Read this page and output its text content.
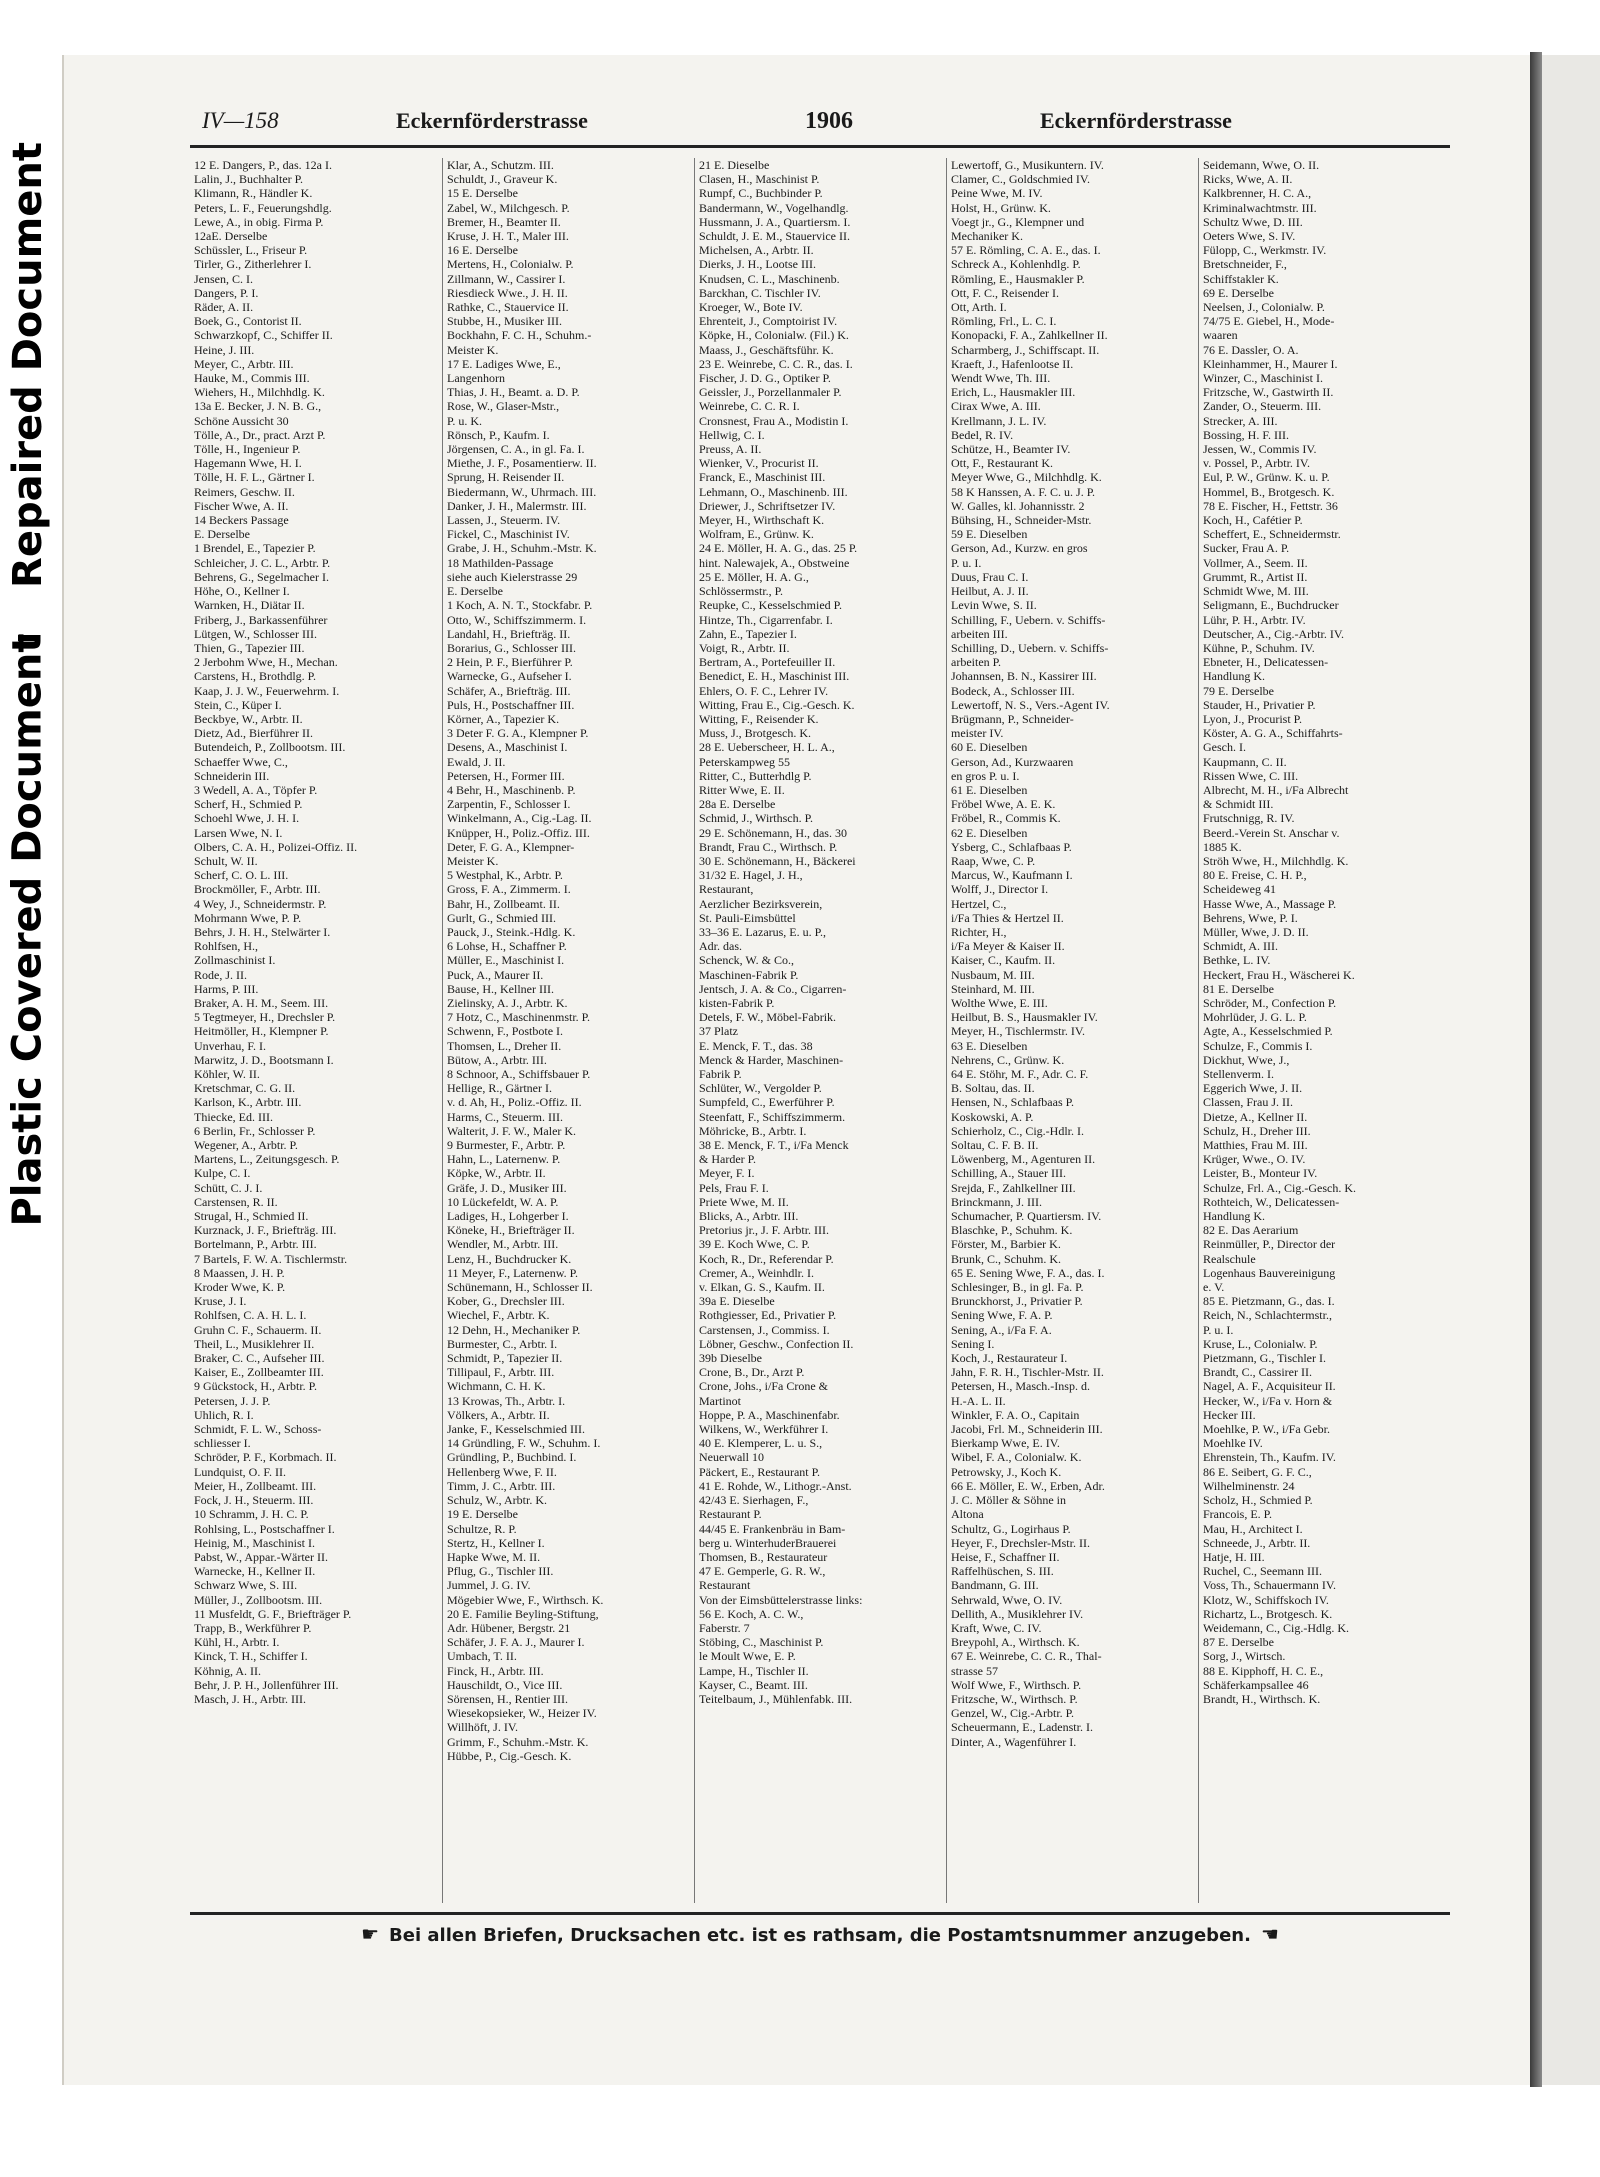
Repaired Document
Plastic Covered Document
IV—158	Eckernförderstrasse	1906	Eckernförderstrasse
12 E. Dangers, P., das. 12a I.
Lalin, J., Buchhalter P.
Klimann, R., Händler K.
Peters, L. F., Feuerungshdlg.
Lewe, A., in obig. Firma P.
12aE. Derselbe
Schüssler, L., Friseur P.
Tirler, G., Zitherlehrer I.
Jensen, C. I.
Dangers, P. I.
Räder, A. II.
Boek, G., Contorist II.
Schwarzkopf, C., Schiffer II.
Heine, J. III.
Meyer, C., Arbtr. III.
Hauke, M., Commis III.
Wiehers, H., Milchhdlg. K.
13a E. Becker, J. N. B. G.,
Schöne Aussicht 30
Tölle, A., Dr., pract. Arzt P.
Tölle, H., Ingenieur P.
Hagemann Wwe, H. I.
Tölle, H. F. L., Gärtner I.
Reimers, Geschw. II.
Fischer Wwe, A. II.
14 Beckers Passage
E. Derselbe
1 Brendel, E., Tapezier P.
Schleicher, J. C. L., Arbtr. P.
Behrens, G., Segelmacher I.
Höhe, O., Kellner I.
Warnken, H., Diätar II.
Friberg, J., Barkassenführer
Lütgen, W., Schlosser III.
Thien, G., Tapezier III.
2 Jerbohm Wwe, H., Mechan.
Carstens, H., Brothdlg. P.
Kaap, J. J. W., Feuerwehrm. I.
Stein, C., Küper I.
Beckbye, W., Arbtr. II.
Dietz, Ad., Bierführer II.
Butendeich, P., Zollbootsm. III.
Schaeffer Wwe, C.,
Schneiderin III.
3 Wedell, A. A., Töpfer P.
Scherf, H., Schmied P.
Schoehl Wwe, J. H. I.
Larsen Wwe, N. I.
Olbers, C. A. H., Polizei-Offiz. II.
Schult, W. II.
Scherf, C. O. L. III.
Brockmöller, F., Arbtr. III.
4 Wey, J., Schneidermstr. P.
Mohrmann Wwe, P. P.
Behrs, J. H. H., Stelwärter I.
Rohlfsen, H.,
Zollmaschinist I.
Rode, J. II.
Harms, P. III.
Braker, A. H. M., Seem. III.
5 Tegtmeyer, H., Drechsler P.
Heitmöller, H., Klempner P.
Unverhau, F. I.
Marwitz, J. D., Bootsmann I.
Köhler, W. II.
Kretschmar, C. G. II.
Karlson, K., Arbtr. III.
Thiecke, Ed. III.
6 Berlin, Fr., Schlosser P.
Wegener, A., Arbtr. P.
Martens, L., Zeitungsgesch. P.
Kulpe, C. I.
Schütt, C. J. I.
Carstensen, R. II.
Strugal, H., Schmied II.
Kurznack, J. F., Briefträg. III.
Bortelmann, P., Arbtr. III.
7 Bartels, F. W. A. Tischlermstr.
8 Maassen, J. H. P.
Kroder Wwe, K. P.
Kruse, J. I.
Rohlfsen, C. A. H. L. I.
Gruhn C. F., Schauerm. II.
Theil, L., Musiklehrer II.
Braker, C. C., Aufseher III.
Kaiser, E., Zollbeamter III.
9 Gückstock, H., Arbtr. P.
Petersen, J. J. P.
Uhlich, R. I.
Schmidt, F. L. W., Schoss-
schliesser I.
Schröder, P. F., Korbmach. II.
Lundquist, O. F. II.
Meier, H., Zollbeamt. III.
Fock, J. H., Steuerm. III.
10 Schramm, J. H. C. P.
Rohlsing, L., Postschaffner I.
Heinig, M., Maschinist I.
Pabst, W., Appar.-Wärter II.
Warnecke, H., Kellner II.
Schwarz Wwe, S. III.
Müller, J., Zollbootsm. III.
11 Musfeldt, G. F., Briefträger P.
Trapp, B., Werkführer P.
Kühl, H., Arbtr. I.
Kinck, T. H., Schiffer I.
Köhnig, A. II.
Behr, J. P. H., Jollenführer III.
Masch, J. H., Arbtr. III.
Klar, A., Schutzm. III.
Schuldt, J., Graveur K.
15 E. Derselbe
Zabel, W., Milchgesch. P.
Bremer, H., Beamter II.
Kruse, J. H. T., Maler III.
16 E. Derselbe
Mertens, H., Colonialw. P.
Zillmann, W., Cassirer I.
Riesdieck Wwe., J. H. II.
Rathke, C., Stauervice II.
Stubbe, H., Musiker III.
Bockhahn, F. C. H., Schuhm.-
Meister K.
17 E. Ladiges Wwe, E.,
Langenhorn
Thias, J. H., Beamt. a. D. P.
Rose, W., Glaser-Mstr.,
P. u. K.
Rönsch, P., Kaufm. I.
Jörgensen, C. A., in gl. Fa. I.
Miethe, J. F., Posamentierw. II.
Sprung, H. Reisender II.
Biedermann, W., Uhrmach. III.
Danker, J. H., Malermstr. III.
Lassen, J., Steuerm. IV.
Fickel, C., Maschinist IV.
Grabe, J. H., Schuhm.-Mstr. K.
18 Mathilden-Passage
siehe auch Kielerstrasse 29
E. Derselbe
1 Koch, A. N. T., Stockfabr. P.
Otto, W., Schiffszimmerm. I.
Landahl, H., Briefträg. II.
Borarius, G., Schlosser III.
2 Hein, P. F., Bierführer P.
Warnecke, G., Aufseher I.
Schäfer, A., Briefträg. III.
Puls, H., Postschaffner III.
Körner, A., Tapezier K.
3 Deter F. G. A., Klempner P.
Desens, A., Maschinist I.
Ewald, J. II.
Petersen, H., Former III.
4 Behr, H., Maschinenb. P.
Zarpentin, F., Schlosser I.
Winkelmann, A., Cig.-Lag. II.
Knüpper, H., Poliz.-Offiz. III.
Deter, F. G. A., Klempner-
Meister K.
5 Westphal, K., Arbtr. P.
Gross, F. A., Zimmerm. I.
Bahr, H., Zollbeamt. II.
Gurlt, G., Schmied III.
Pauck, J., Steink.-Hdlg. K.
6 Lohse, H., Schaffner P.
Müller, E., Maschinist I.
Puck, A., Maurer II.
Bause, H., Kellner III.
Zielinsky, A. J., Arbtr. K.
7 Hotz, C., Maschinenmstr. P.
Schwenn, F., Postbote I.
Thomsen, L., Dreher II.
Bütow, A., Arbtr. III.
8 Schnoor, A., Schiffsbauer P.
Hellige, R., Gärtner I.
v. d. Ah, H., Poliz.-Offiz. II.
Harms, C., Steuerm. III.
Walterit, J. F. W., Maler K.
9 Burmester, F., Arbtr. P.
Hahn, L., Laternenw. P.
Köpke, W., Arbtr. II.
Gräfe, J. D., Musiker III.
10 Lückefeldt, W. A. P.
Ladiges, H., Lohgerber I.
Köneke, H., Briefträger II.
Wendler, M., Arbtr. III.
Lenz, H., Buchdrucker K.
11 Meyer, F., Laternenw. P.
Schünemann, H., Schlosser II.
Kober, G., Drechsler III.
Wiechel, F., Arbtr. K.
12 Dehn, H., Mechaniker P.
Burmester, C., Arbtr. I.
Schmidt, P., Tapezier II.
Tillipaul, F., Arbtr. III.
Wichmann, C. H. K.
13 Krowas, Th., Arbtr. I.
Völkers, A., Arbtr. II.
Janke, F., Kesselschmied III.
14 Gründling, F. W., Schuhm. I.
Gründling, P., Buchbind. I.
Hellenberg Wwe, F. II.
Timm, J. C., Arbtr. III.
Schulz, W., Arbtr. K.
19 E. Derselbe
Schultze, R. P.
Stertz, H., Kellner I.
Hapke Wwe, M. II.
Pflug, G., Tischler III.
Jummel, J. G. IV.
Mögebier Wwe, F., Wirthsch. K.
20 E. Familie Beyling-Stiftung,
Adr. Hübener, Bergstr. 21
Schäfer, J. F. A. J., Maurer I.
Umbach, T. II.
Finck, H., Arbtr. III.
Hauschildt, O., Vice III.
Sörensen, H., Rentier III.
Wiesekopsieker, W., Heizer IV.
Willhöft, J. IV.
Grimm, F., Schuhm.-Mstr. K.
Hübbe, P., Cig.-Gesch. K.
21 E. Dieselbe
Clasen, H., Maschinist P.
Rumpf, C., Buchbinder P.
Bandermann, W., Vogelhandlg.
Hussmann, J. A., Quartiersm. I.
Schuldt, J. E. M., Stauervice II.
Michelsen, A., Arbtr. II.
Dierks, J. H., Lootse III.
Knudsen, C. L., Maschinenb.
Barckhan, C. Tischler IV.
Kroeger, W., Bote IV.
Ehrenteit, J., Comptoirist IV.
Köpke, H., Colonialw. (Fil.) K.
Maass, J., Geschäftsführ. K.
23 E. Weinrebe, C. C. R., das. I.
Fischer, J. D. G., Optiker P.
Geissler, J., Porzellanmaler P.
Weinrebe, C. C. R. I.
Cronsnest, Frau A., Modistin I.
Hellwig, C. I.
Preuss, A. II.
Wienker, V., Procurist II.
Franck, E., Maschinist III.
Lehmann, O., Maschinenb. III.
Driewer, J., Schriftsetzer IV.
Meyer, H., Wirthschaft K.
Wolfram, E., Grünw. K.
24 E. Möller, H. A. G., das. 25 P.
hint. Nalewajek, A., Obstweine
25 E. Möller, H. A. G.,
Schlössermstr., P.
Reupke, C., Kesselschmied P.
Hintze, Th., Cigarrenfabr. I.
Zahn, E., Tapezier I.
Voigt, R., Arbtr. II.
Bertram, A., Portefeuiller II.
Benedict, E. H., Maschinist III.
Ehlers, O. F. C., Lehrer IV.
Witting, Frau E., Cig.-Gesch. K.
Witting, F., Reisender K.
Muss, J., Brotgesch. K.
28 E. Ueberscheer, H. L. A.,
Peterskampweg 55
Ritter, C., Butterhdlg P.
Ritter Wwe, E. II.
28a E. Derselbe
Schmid, J., Wirthsch. P.
29 E. Schönemann, H., das. 30
Brandt, Frau C., Wirthsch. P.
30 E. Schönemann, H., Bäckerei
31/32 E. Hagel, J. H.,
Restaurant,
Aerzlicher Bezirksverein,
St. Pauli-Eimsbüttel
33–36 E. Lazarus, E. u. P.,
Adr. das.
Schenck, W. & Co.,
Maschinen-Fabrik P.
Jentsch, J. A. & Co., Cigarren-
kisten-Fabrik P.
Detels, F. W., Möbel-Fabrik.
37 Platz
E. Menck, F. T., das. 38
Menck & Harder, Maschinen-
Fabrik P.
Schlüter, W., Vergolder P.
Sumpfeld, C., Ewerführer P.
Steenfatt, F., Schiffszimmerm.
Möhricke, B., Arbtr. I.
38 E. Menck, F. T., i/Fa Menck
& Harder P.
Meyer, F. I.
Pels, Frau F. I.
Priete Wwe, M. II.
Blicks, A., Arbtr. III.
Pretorius jr., J. F. Arbtr. III.
39 E. Koch Wwe, C. P.
Koch, R., Dr., Referendar P.
Cremer, A., Weinhdlr. I.
v. Elkan, G. S., Kaufm. II.
39a E. Dieselbe
Rothgiesser, Ed., Privatier P.
Carstensen, J., Commiss. I.
Löbner, Geschw., Confection II.
39b Dieselbe
Crone, B., Dr., Arzt P.
Crone, Johs., i/Fa Crone &
Martinot
Hoppe, P. A., Maschinenfabr.
Wilkens, W., Werkführer I.
40 E. Klemperer, L. u. S.,
Neuerwall 10
Päckert, E., Restaurant P.
41 E. Rohde, W., Lithogr.-Anst.
42/43 E. Sierhagen, F.,
Restaurant P.
44/45 E. Frankenbräu in Bam-
berg u. WinterhuderBrauerei
Thomsen, B., Restaurateur
47 E. Gemperle, G. R. W.,
Restaurant
Von der Eimsbüttelerstrasse links:
56 E. Koch, A. C. W.,
Faberstr. 7
Stöbing, C., Maschinist P.
le Moult Wwe, E. P.
Lampe, H., Tischler II.
Kayser, C., Beamt. III.
Teitelbaum, J., Mühlenfabk. III.
Lewertoff, G., Musikuntern. IV.
Clamer, C., Goldschmied IV.
Peine Wwe, M. IV.
Holst, H., Grünw. K.
Voegt jr., G., Klempner und
Mechaniker K.
57 E. Römling, C. A. E., das. I.
Schreck A., Kohlenhdlg. P.
Römling, E., Hausmakler P.
Ott, F. C., Reisender I.
Ott, Arth. I.
Römling, Frl., L. C. I.
Konopacki, F. A., Zahlkellner II.
Scharmberg, J., Schiffscapt. II.
Kraeft, J., Hafenlootse II.
Wendt Wwe, Th. III.
Erich, L., Hausmakler III.
Cirax Wwe, A. III.
Krellmann, J. L. IV.
Bedel, R. IV.
Schütze, H., Beamter IV.
Ott, F., Restaurant K.
Meyer Wwe, G., Milchhdlg. K.
58 K Hanssen, A. F. C. u. J. P.
W. Galles, kl. Johannisstr. 2
Bühsing, H., Schneider-Mstr.
59 E. Dieselben
Gerson, Ad., Kurzw. en gros
P. u. I.
Duus, Frau C. I.
Heilbut, A. J. II.
Levin Wwe, S. II.
Schilling, F., Uebern. v. Schiffs-
arbeiten III.
Schilling, D., Uebern. v. Schiffs-
arbeiten P.
Johannsen, B. N., Kassirer III.
Bodeck, A., Schlosser III.
Lewertoff, N. S., Vers.-Agent IV.
Brügmann, P., Schneider-
meister IV.
60 E. Dieselben
Gerson, Ad., Kurzwaaren
en gros P. u. I.
61 E. Dieselben
Fröbel Wwe, A. E. K.
Fröbel, R., Commis K.
62 E. Dieselben
Ysberg, C., Schlafbaas P.
Raap, Wwe, C. P.
Marcus, W., Kaufmann I.
Wolff, J., Director I.
Hertzel, C.,
i/Fa Thies & Hertzel II.
Richter, H.,
i/Fa Meyer & Kaiser II.
Kaiser, C., Kaufm. II.
Nusbaum, M. III.
Steinhard, M. III.
Wolthe Wwe, E. III.
Heilbut, B. S., Hausmakler IV.
Meyer, H., Tischlermstr. IV.
63 E. Dieselben
Nehrens, C., Grünw. K.
64 E. Stöhr, M. F., Adr. C. F.
B. Soltau, das. II.
Hensen, N., Schlafbaas P.
Koskowski, A. P.
Schierholz, C., Cig.-Hdlr. I.
Soltau, C. F. B. II.
Löwenberg, M., Agenturen II.
Schilling, A., Stauer III.
Srejda, F., Zahlkellner III.
Brinckmann, J. III.
Schumacher, P. Quartiersm. IV.
Blaschke, P., Schuhm. K.
Förster, M., Barbier K.
Brunk, C., Schuhm. K.
65 E. Sening Wwe, F. A., das. I.
Schlesinger, B., in gl. Fa. P.
Brunckhorst, J., Privatier P.
Sening Wwe, F. A. P.
Sening, A., i/Fa F. A.
Sening I.
Koch, J., Restaurateur I.
Jahn, F. R. H., Tischler-Mstr. II.
Petersen, H., Masch.-Insp. d.
H.-A. L. II.
Winkler, F. A. O., Capitain
Jacobi, Frl. M., Schneiderin III.
Bierkamp Wwe, E. IV.
Wibel, F. A., Colonialw. K.
Petrowsky, J., Koch K.
66 E. Möller, E. W., Erben, Adr.
J. C. Möller & Söhne in
Altona
Schultz, G., Logirhaus P.
Heyer, F., Drechsler-Mstr. II.
Heise, F., Schaffner II.
Raffelhüschen, S. III.
Bandmann, G. III.
Sehrwald, Wwe, O. IV.
Dellith, A., Musiklehrer IV.
Kraft, Wwe, C. IV.
Breypohl, A., Wirthsch. K.
67 E. Weinrebe, C. C. R., Thal-
strasse 57
Wolf Wwe, F., Wirthsch. P.
Fritzsche, W., Wirthsch. P.
Genzel, W., Cig.-Arbtr. P.
Scheuermann, E., Ladenstr. I.
Dinter, A., Wagenführer I.
Seidemann, Wwe, O. II.
Ricks, Wwe, A. II.
Kalkbrenner, H. C. A.,
Kriminalwachtmstr. III.
Schultz Wwe, D. III.
Oeters Wwe, S. IV.
Fülopp, C., Werkmstr. IV.
Bretschneider, F.,
Schiffstakler K.
69 E. Derselbe
Neelsen, J., Colonialw. P.
74/75 E. Giebel, H., Mode-
waaren
76 E. Dassler, O. A.
Kleinhammer, H., Maurer I.
Winzer, C., Maschinist I.
Fritzsche, W., Gastwirth II.
Zander, O., Steuerm. III.
Strecker, A. III.
Bossing, H. F. III.
Jessen, W., Commis IV.
v. Possel, P., Arbtr. IV.
Eul, P. W., Grünw. K. u. P.
Hommel, B., Brotgesch. K.
78 E. Fischer, H., Fettstr. 36
Koch, H., Cafétier P.
Scheffert, E., Schneidermstr.
Sucker, Frau A. P.
Vollmer, A., Seem. II.
Grummt, R., Artist II.
Schmidt Wwe, M. III.
Seligmann, E., Buchdrucker
Lühr, P. H., Arbtr. IV.
Deutscher, A., Cig.-Arbtr. IV.
Kühne, P., Schuhm. IV.
Ebneter, H., Delicatessen-
Handlung K.
79 E. Derselbe
Stauder, H., Privatier P.
Lyon, J., Procurist P.
Köster, A. G. A., Schiffahrts-
Gesch. I.
Kaupmann, C. II.
Rissen Wwe, C. III.
Albrecht, M. H., i/Fa Albrecht
& Schmidt III.
Frutschnigg, R. IV.
Beerd.-Verein St. Anschar v.
1885 K.
Ströh Wwe, H., Milchhdlg. K.
80 E. Freise, C. H. P.,
Scheideweg 41
Hasse Wwe, A., Massage P.
Behrens, Wwe, P. I.
Müller, Wwe, J. D. II.
Schmidt, A. III.
Bethke, L. IV.
Heckert, Frau H., Wäscherei K.
81 E. Derselbe
Schröder, M., Confection P.
Mohrlüder, J. G. L. P.
Agte, A., Kesselschmied P.
Schulze, F., Commis I.
Dickhut, Wwe, J.,
Stellenverm. I.
Eggerich Wwe, J. II.
Classen, Frau J. II.
Dietze, A., Kellner II.
Schulz, H., Dreher III.
Matthies, Frau M. III.
Krüger, Wwe., O. IV.
Leister, B., Monteur IV.
Schulze, Frl. A., Cig.-Gesch. K.
Rothteich, W., Delicatessen-
Handlung K.
82 E. Das Aerarium
Reinmüller, P., Director der
Realschule
Logenhaus Bauvereinigung
e. V.
85 E. Pietzmann, G., das. I.
Reich, N., Schlachtermstr.,
P. u. I.
Kruse, L., Colonialw. P.
Pietzmann, G., Tischler I.
Brandt, C., Cassirer II.
Nagel, A. F., Acquisiteur II.
Hecker, W., i/Fa v. Horn &
Hecker III.
Moehlke, P. W., i/Fa Gebr.
Moehlke IV.
Ehrenstein, Th., Kaufm. IV.
86 E. Seibert, G. F. C.,
Wilhelminenstr. 24
Scholz, H., Schmied P.
Francois, E. P.
Mau, H., Architect I.
Schneede, J., Arbtr. II.
Hatje, H. III.
Ruchel, C., Seemann III.
Voss, Th., Schauermann IV.
Klotz, W., Schiffskoch IV.
Richartz, L., Brotgesch. K.
Weidemann, C., Cig.-Hdlg. K.
87 E. Derselbe
Sorg, J., Wirtsch.
88 E. Kipphoff, H. C. E.,
Schäferkampsallee 46
Brandt, H., Wirthsch. K.
☛ Bei allen Briefen, Drucksachen etc. ist es rathsam, die Postamtsnummer anzugeben. ☚
